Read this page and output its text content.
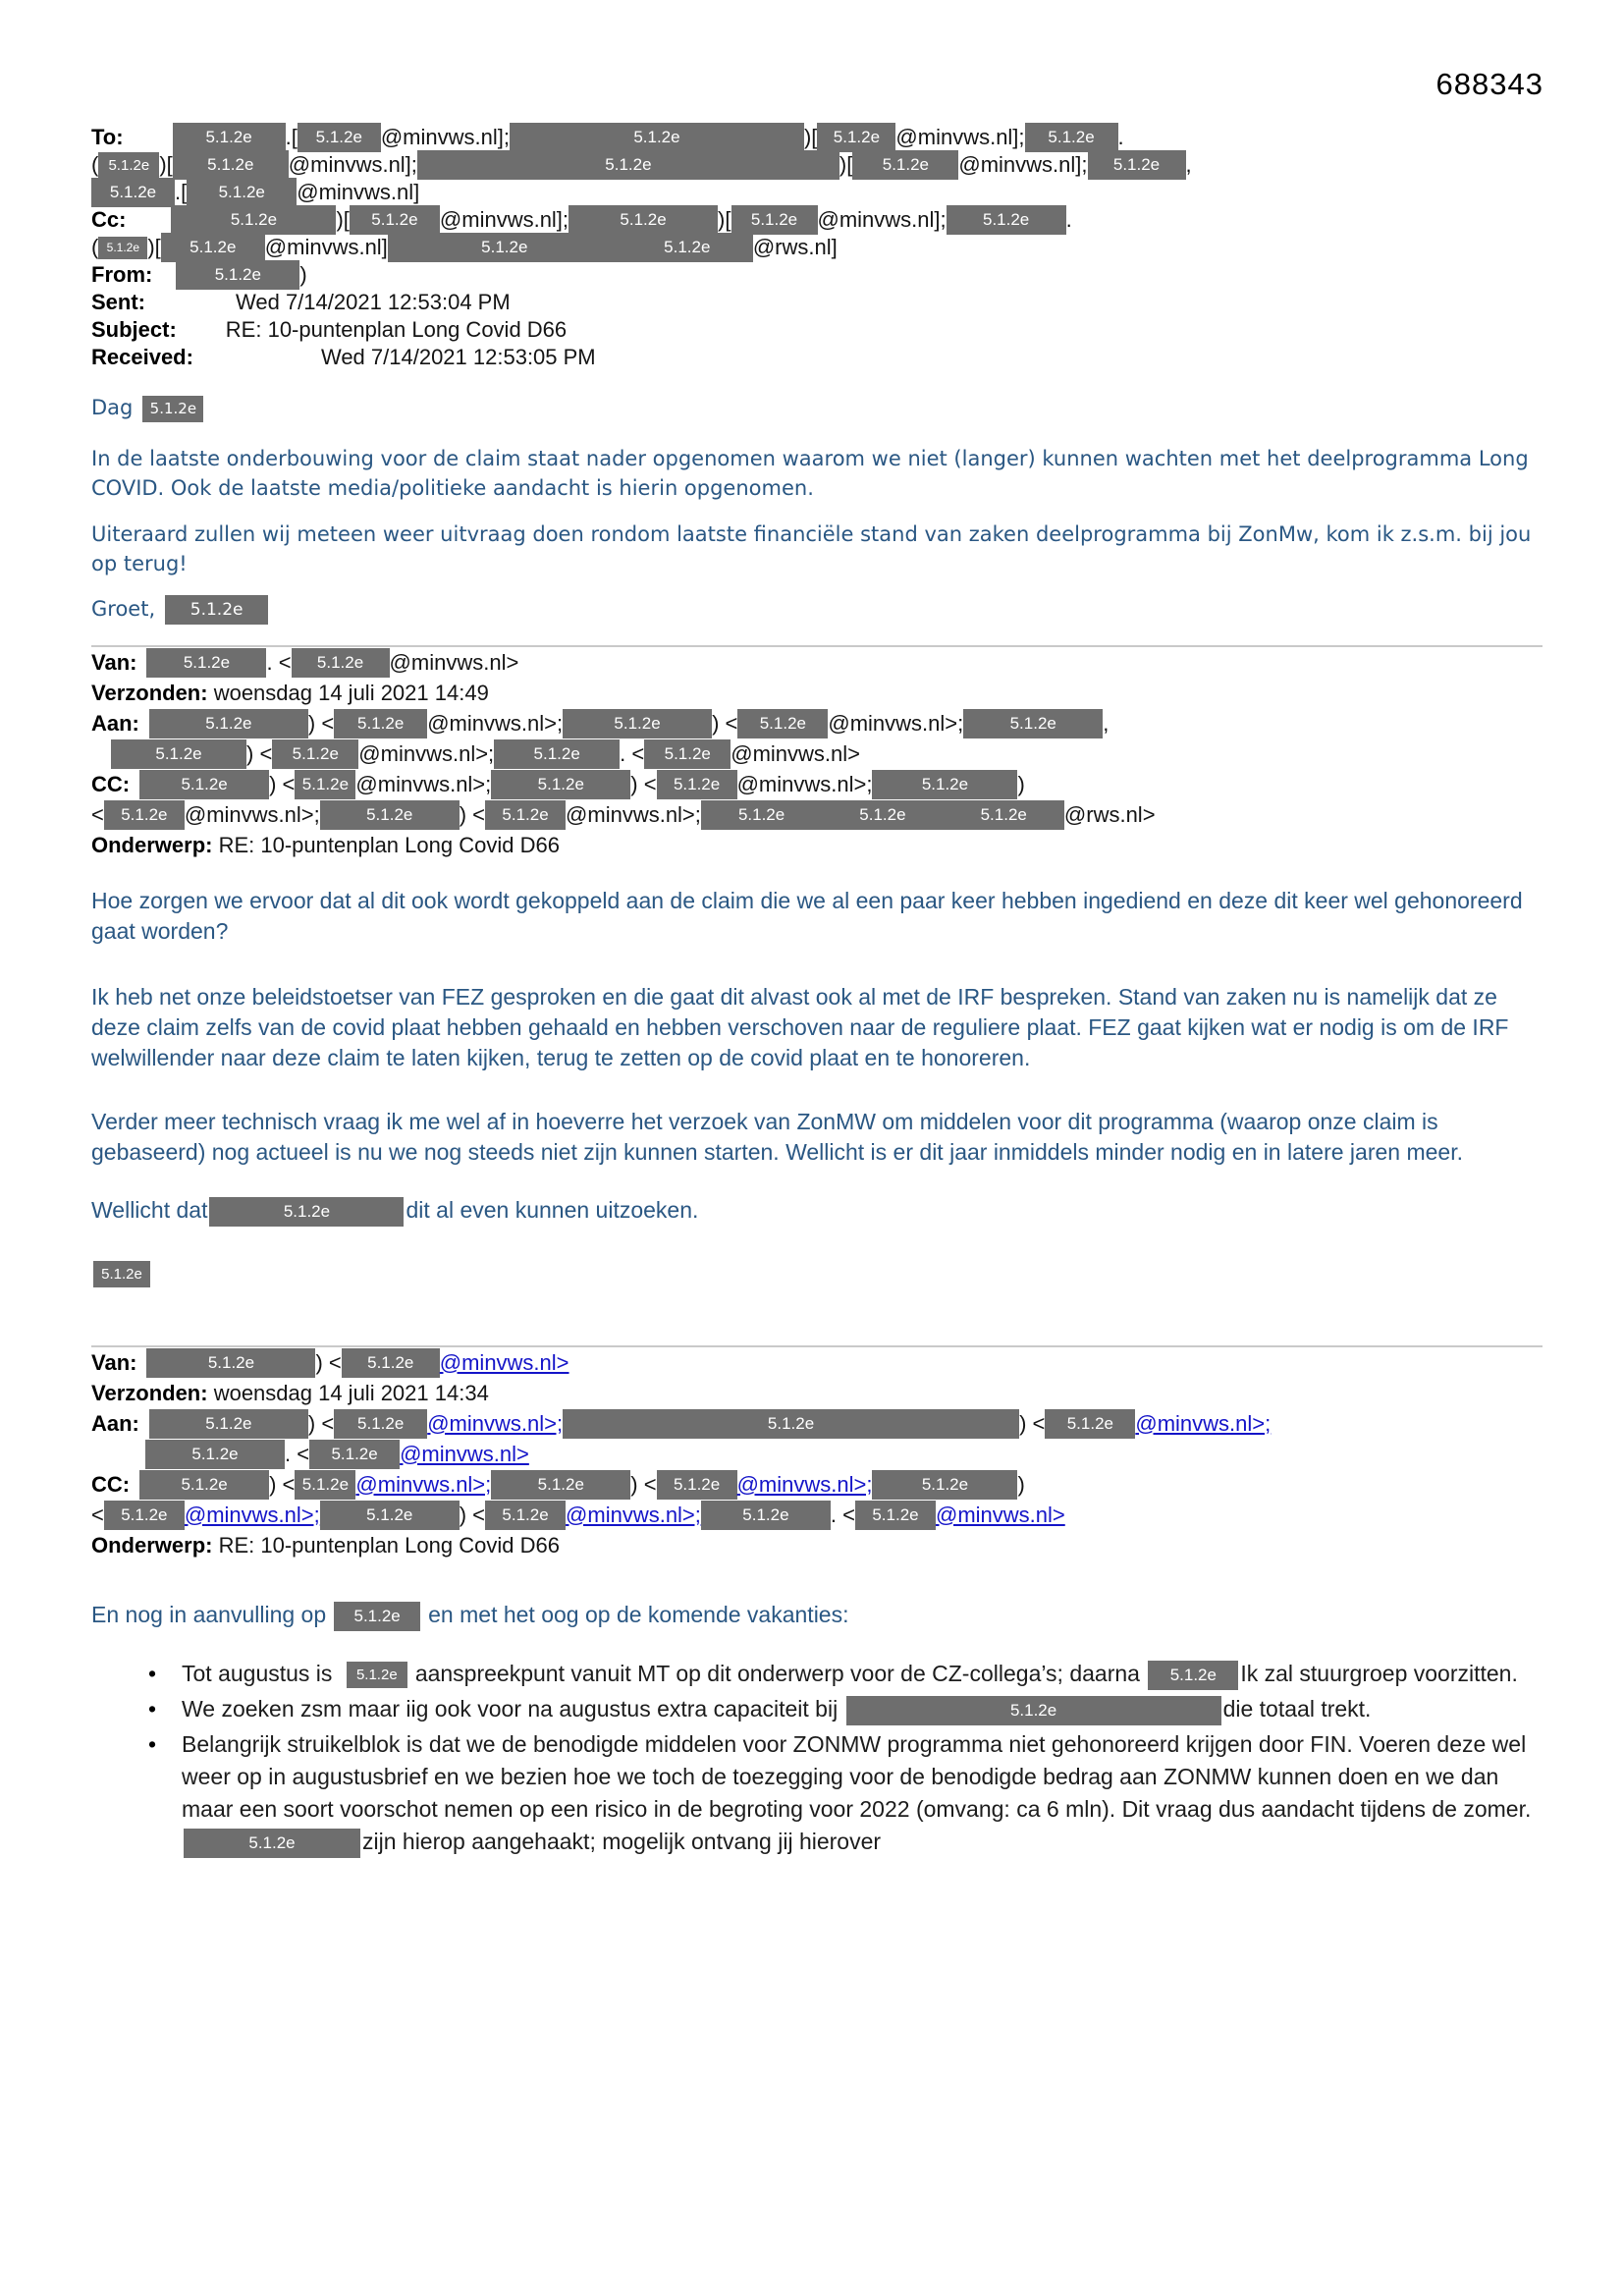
688343
To:	5.1.2e .[ 5.1.2e @minvws.nl];	5.1.2e	)[ 5.1.2e @minvws.nl]; 5.1.2e .
( 5.1.2e )[ 5.1.2e @minvws.nl];	5.1.2e	)[ 5.1.2e @minvws.nl]; 5.1.2e ,
5.1.2e .[ 5.1.2e @minvws.nl]
Cc:	5.1.2e	)[ 5.1.2e @minvws.nl];	5.1.2e )[ 5.1.2e @minvws.nl]; 5.1.2e .
( 5.1.2e )[ 5.1.2e @minvws.nl]	5.1.2e	5.1.2e @rws.nl]
From:	5.1.2e )
Sent:	Wed 7/14/2021 12:53:04 PM
Subject: RE: 10-puntenplan Long Covid D66
Received:	Wed 7/14/2021 12:53:05 PM
Dag 5.1.2e
In de laatste onderbouwing voor de claim staat nader opgenomen waarom we niet (langer) kunnen wachten met het deelprogramma Long COVID. Ook de laatste media/politieke aandacht is hierin opgenomen.
Uiteraard zullen wij meteen weer uitvraag doen rondom laatste financiële stand van zaken deelprogramma bij ZonMw, kom ik z.s.m. bij jou op terug!
Groet, 5.1.2e
Van:	5.1.2e . < 5.1.2e @minvws.nl>
Verzonden: woensdag 14 juli 2021 14:49
Aan:	5.1.2e	) < 5.1.2e @minvws.nl>;	5.1.2e ) < 5.1.2e @minvws.nl>;	5.1.2e ,
5.1.2e ) < 5.1.2e @minvws.nl>; 5.1.2e . < 5.1.2e @minvws.nl>
CC:	5.1.2e ) < 5.1.2e @minvws.nl>;	5.1.2e ) < 5.1.2e @minvws.nl>;	5.1.2e )
< 5.1.2e @minvws.nl>;	5.1.2e ) < 5.1.2e @minvws.nl>; 5.1.2e	5.1.2e	5.1.2e @rws.nl>
Onderwerp: RE: 10-puntenplan Long Covid D66
Hoe zorgen we ervoor dat al dit ook wordt gekoppeld aan de claim die we al een paar keer hebben ingediend en deze dit keer wel gehonoreerd gaat worden?
Ik heb net onze beleidstoetser van FEZ gesproken en die gaat dit alvast ook al met de IRF bespreken. Stand van zaken nu is namelijk dat ze deze claim zelfs van de covid plaat hebben gehaald en hebben verschoven naar de reguliere plaat. FEZ gaat kijken wat er nodig is om de IRF welwillender naar deze claim te laten kijken, terug te zetten op de covid plaat en te honoreren.
Verder meer technisch vraag ik me wel af in hoeverre het verzoek van ZonMW om middelen voor dit programma (waarop onze claim is gebaseerd) nog actueel is nu we nog steeds niet zijn kunnen starten. Wellicht is er dit jaar inmiddels minder nodig en in latere jaren meer.
Wellicht dat	5.1.2e	dit al even kunnen uitzoeken.
5.1.2e
Van:	5.1.2e	) < 5.1.2e @minvws.nl>
Verzonden: woensdag 14 juli 2021 14:34
Aan:	5.1.2e	) < 5.1.2e @minvws.nl>;	5.1.2e	) < 5.1.2e @minvws.nl>;
5.1.2e . < 5.1.2e @minvws.nl>
CC:	5.1.2e ) < 5.1.2e @minvws.nl>;	5.1.2e ) < 5.1.2e @minvws.nl>;	5.1.2e )
< 5.1.2e @minvws.nl>;	5.1.2e ) < 5.1.2e @minvws.nl>; 5.1.2e . < 5.1.2e @minvws.nl>
Onderwerp: RE: 10-puntenplan Long Covid D66
En nog in aanvulling op 5.1.2e en met het oog op de komende vakanties:
•	Tot augustus is 5.1.2e aanspreekpunt vanuit MT op dit onderwerp voor de CZ-collega’s; daarna 5.1.2e Ik zal stuurgroep voorzitten.
•	We zoeken zsm maar iig ook voor na augustus extra capaciteit bij	5.1.2e	die totaal trekt.
•	Belangrijk struikelblok is dat we de benodigde middelen voor ZONMW programma niet gehonoreerd krijgen door FIN. Voeren deze wel weer op in augustusbrief en we bezien hoe we toch de toezegging voor de benodigde bedrag aan ZONMW kunnen doen en we dan maar een soort voorschot nemen op een risico in de begroting voor 2022 (omvang: ca 6 mln). Dit vraag dus aandacht tijdens de zomer.
5.1.2e	zijn hierop aangehaakt; mogelijk ontvang jij hierover
